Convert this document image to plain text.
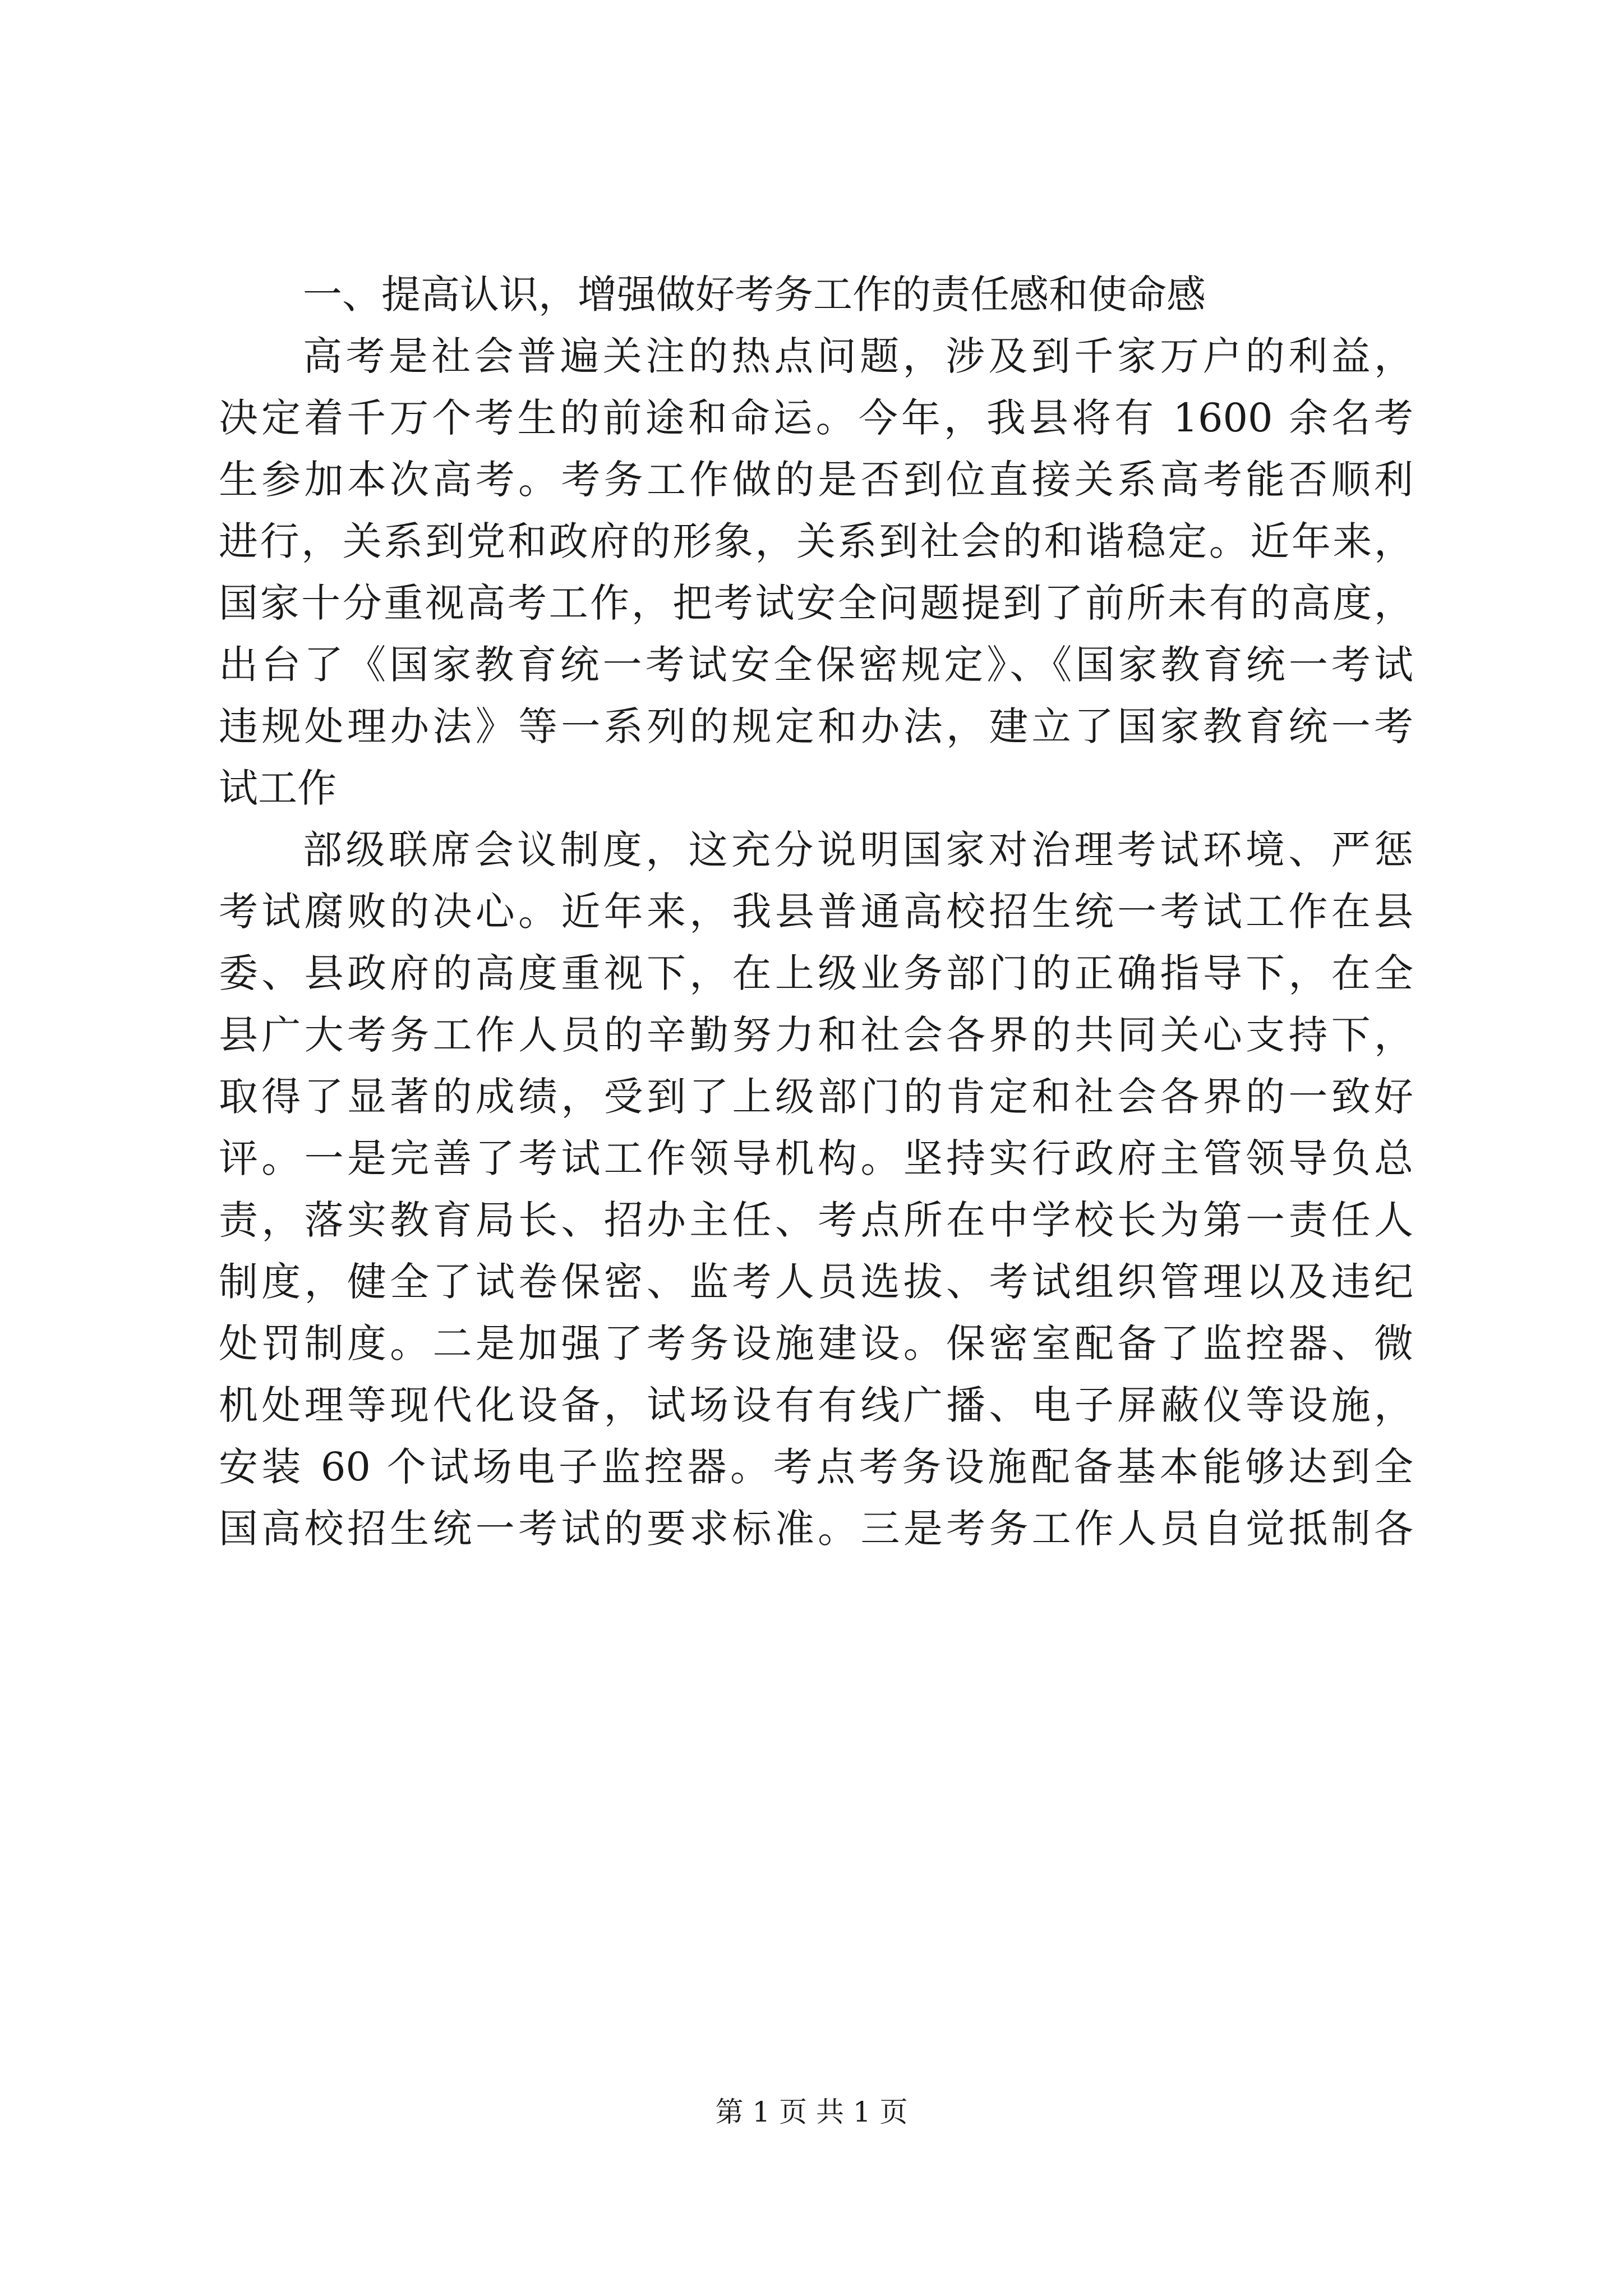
一、提高认识，增强做好考务工作的责任感和使命感

高考是社会普遍关注的热点问题，涉及到千家万户的利益，

决定着千万个考生的前途和命运。今年，我县将有 1600 余名考

生参加本次高考。考务工作做的是否到位直接关系高考能否顺利

进行，关系到党和政府的形象，关系到社会的和谐稳定。近年来，

国家十分重视高考工作，把考试安全问题提到了前所未有的高度，

出台了《国家教育统一考试安全保密规定》、《国家教育统一考试

违规处理办法》等一系列的规定和办法，建立了国家教育统一考

试工作

部级联席会议制度，这充分说明国家对治理考试环境、严惩

考试腐败的决心。近年来，我县普通高校招生统一考试工作在县

委、县政府的高度重视下，在上级业务部门的正确指导下，在全

县广大考务工作人员的辛勤努力和社会各界的共同关心支持下，

取得了显著的成绩，受到了上级部门的肯定和社会各界的一致好

评。一是完善了考试工作领导机构。坚持实行政府主管领导负总

责，落实教育局长、招办主任、考点所在中学校长为第一责任人

制度，健全了试卷保密、监考人员选拔、考试组织管理以及违纪

处罚制度。二是加强了考务设施建设。保密室配备了监控器、微

机处理等现代化设备，试场设有有线广播、电子屏蔽仪等设施，

安装 60 个试场电子监控器。考点考务设施配备基本能够达到全

国高校招生统一考试的要求标准。三是考务工作人员自觉抵制各

第 1 页 共 1 页
